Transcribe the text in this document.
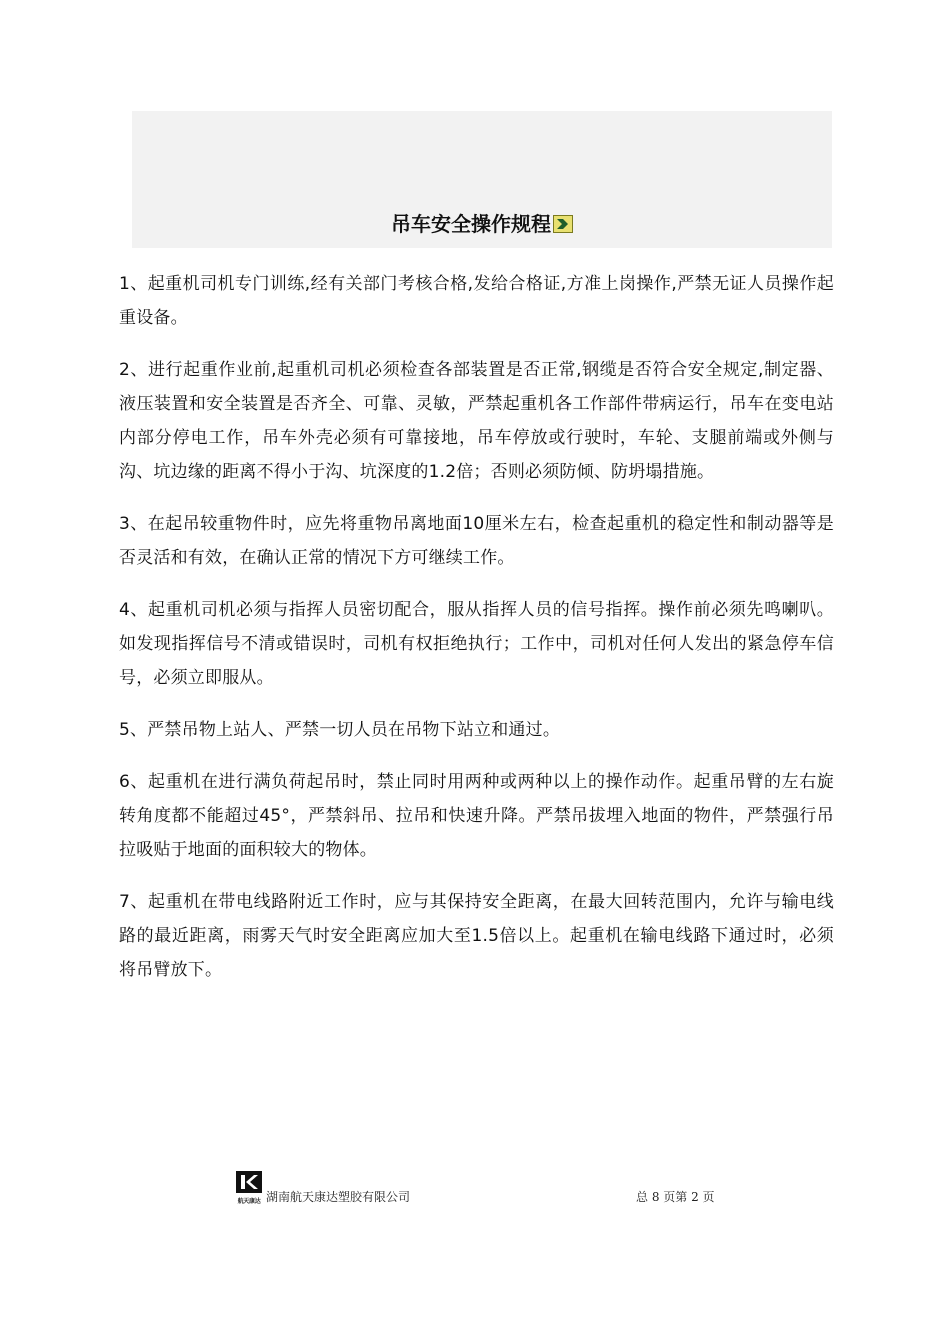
吊车安全操作规程

1、起重机司机专门训练,经有关部门考核合格,发给合格证,方准上岗操作,严禁无证人员操作起重设备。

2、进行起重作业前,起重机司机必须检查各部装置是否正常,钢缆是否符合安全规定,制定器、液压装置和安全装置是否齐全、可靠、灵敏，严禁起重机各工作部件带病运行，吊车在变电站内部分停电工作，吊车外壳必须有可靠接地，吊车停放或行驶时，车轮、支腿前端或外侧与沟、坑边缘的距离不得小于沟、坑深度的1.2倍；否则必须防倾、防坍塌措施。

3、在起吊较重物件时，应先将重物吊离地面10厘米左右，检查起重机的稳定性和制动器等是否灵活和有效，在确认正常的情况下方可继续工作。

4、起重机司机必须与指挥人员密切配合，服从指挥人员的信号指挥。操作前必须先鸣喇叭。如发现指挥信号不清或错误时，司机有权拒绝执行；工作中，司机对任何人发出的紧急停车信号，必须立即服从。

5、严禁吊物上站人、严禁一切人员在吊物下站立和通过。

6、起重机在进行满负荷起吊时，禁止同时用两种或两种以上的操作动作。起重吊臂的左右旋转角度都不能超过45°，严禁斜吊、拉吊和快速升降。严禁吊拔埋入地面的物件，严禁强行吊拉吸贴于地面的面积较大的物体。

7、起重机在带电线路附近工作时，应与其保持安全距离，在最大回转范围内，允许与输电线路的最近距离，雨雾天气时安全距离应加大至1.5倍以上。起重机在输电线路下通过时，必须将吊臂放下。

航天康达 湖南航天康达塑胶有限公司	总 8 页第 2 页
